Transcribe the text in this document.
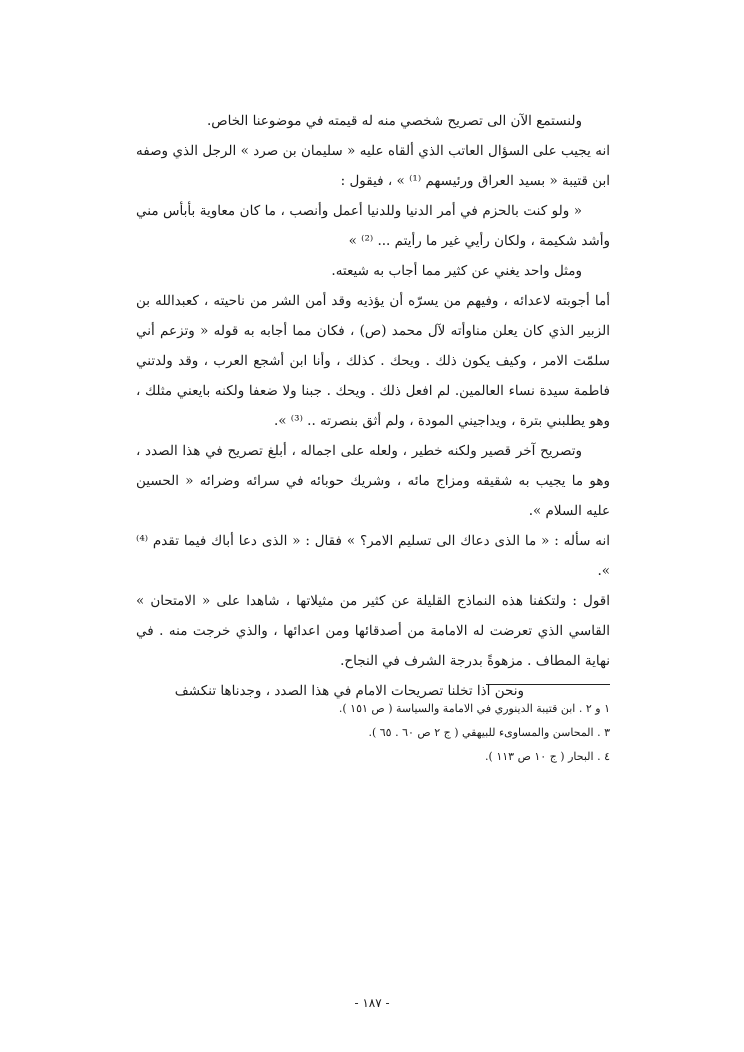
ولنستمع الآن الى تصريح شخصي منه له قيمته في موضوعنا الخاص.

انه يجيب على السؤال العاتب الذي ألقاه عليه « سليمان بن صرد » الرجل الذي وصفه ابن قتيبة « بسيد العراق ورئيسهم ⁽¹⁾ » ، فيقول :

« ولو كنت بالحزم في أمر الدنيا وللدنيا أعمل وأنصب ، ما كان معاوية بأبأس مني وأشد شكيمة ، ولكان رأيي غير ما رأيتم ... ⁽²⁾ »

ومثل واحد يغني عن كثير مما أجاب به شيعته.

أما أجوبته لاعدائه ، وفيهم من يسرّه أن يؤذيه وقد أمن الشر من ناحيته ، كعبدالله بن الزبير الذي كان يعلن مناوأته لآل محمد (ص) ، فكان مما أجابه به قوله « وتزعم أني سلمّت الامر ، وكيف يكون ذلك . ويحك . كذلك ، وأنا ابن أشجع العرب ، وقد ولدتني فاطمة سيدة نساء العالمين. لم افعل ذلك . ويحك . جبنا ولا ضعفا ولكنه بايعني مثلك ، وهو يطلبني بترة ، ويداجيني المودة ، ولم أثق بنصرته .. ⁽³⁾ ».

وتصريح آخر قصير ولكنه خطير ، ولعله على اجماله ، أبلغ تصريح في هذا الصدد ، وهو ما يجيب به شقيقه ومزاج مائه ، وشريك حوبائه في سرائه وضرائه « الحسين عليه السلام ».

انه سأله : « ما الذى دعاك الى تسليم الامر؟ » فقال : « الذى دعا أباك فيما تقدم ⁽⁴⁾ ».

اقول : ولتكفنا هذه النماذج القليلة عن كثير من مثيلاتها ، شاهدا على « الامتحان » القاسي الذي تعرضت له الامامة من أصدقائها ومن اعدائها ، والذي خرجت منه . في نهاية المطاف . مزهوةً بدرجة الشرف في النجاح.

ونحن اذا تخلنا تصريحات الامام في هذا الصدد ، وجدناها تنكشف

١ و ٢ . ابن قتيبة الدينوري في الامامة والسياسة ( ص ١٥١ ).
٣ . المحاسن والمساوىء للبيهقي ( ج ٢ ص ٦٠ . ٦٥ ).
٤ . البحار ( ج ١٠ ص ١١٣ ).
- ١٨٧ -
